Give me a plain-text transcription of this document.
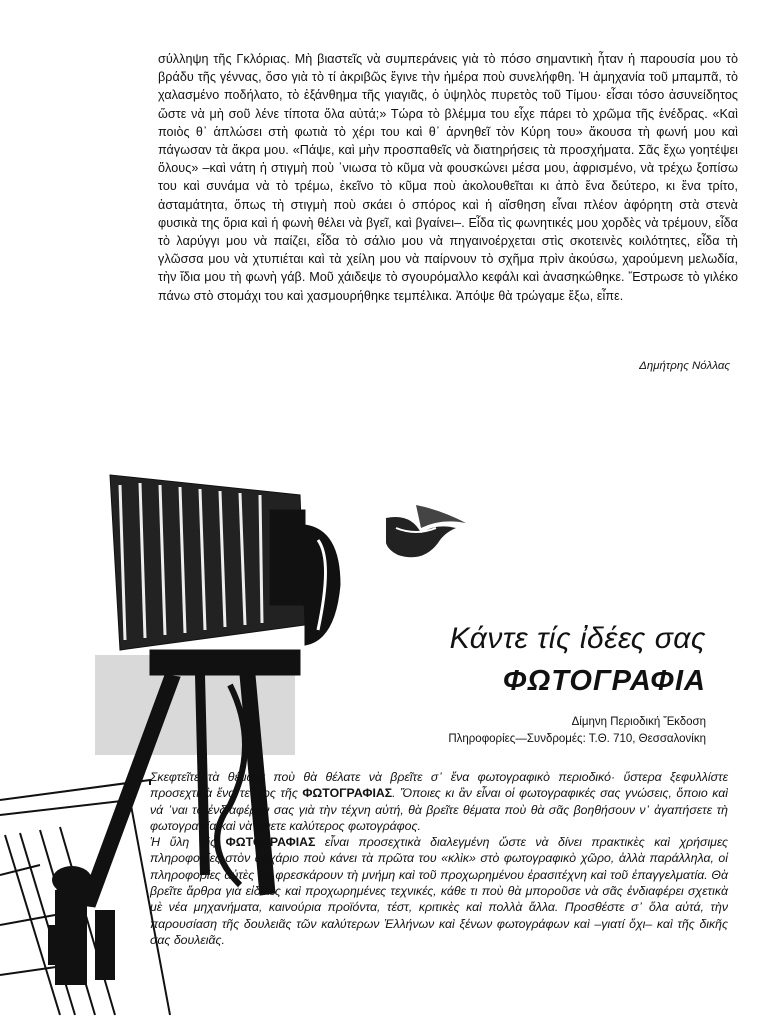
σύλληψη τῆς Γκλόριας. Μὴ βιαστεῖς νὰ συμπεράνεις γιὰ τὸ πόσο σημαντικὴ ἦταν ἡ παρουσία μου τὸ βράδυ τῆς γέννας, ὅσο γιὰ τὸ τί ἀκριβῶς ἔγινε τὴν ἡμέρα ποὺ συνελήφθη. Ἡ ἀμηχανία τοῦ μπαμπᾶ, τὸ χαλασμένο ποδήλατο, τὸ ἐξάνθημα τῆς γιαγιᾶς, ὁ ὑψηλὸς πυρετὸς τοῦ Τίμου· εἶσαι τόσο ἀσυνείδητος ὥστε νὰ μὴ σοῦ λένε τίποτα ὅλα αὐτά;» Τώρα τὸ βλέμμα του εἶχε πάρει τὸ χρῶμα τῆς ἐνέδρας. «Καὶ ποιὸς θ᾿ ἁπλώσει στὴ φωτιὰ τὸ χέρι του καὶ θ᾿ ἀρνηθεῖ τὸν Κύρη του» ἄκουσα τὴ φωνή μου καὶ πάγωσαν τὰ ἄκρα μου. «Πάψε, καὶ μὴν προσπαθεῖς νὰ διατηρήσεις τὰ προσχήματα. Σᾶς ἔχω γοητέψει ὅλους» –καὶ νάτη ἡ στιγμὴ ποὺ ᾿νιωσα τὸ κῦμα νὰ φουσκώνει μέσα μου, ἀφρισμένο, νὰ τρέχω ξοπίσω του καὶ συνάμα νὰ τὸ τρέμω, ἐκεῖνο τὸ κῦμα ποὺ ἀκολουθεῖται κι ἀπὸ ἕνα δεύτερο, κι ἕνα τρίτο, ἀσταμάτητα, ὅπως τὴ στιγμὴ ποὺ σκάει ὁ σπόρος καὶ ἡ αἴσθηση εἶναι πλέον ἀφόρητη στὰ στενὰ φυσικὰ της ὅρια καὶ ἡ φωνὴ θέλει νὰ βγεῖ, καὶ βγαίνει–. Εἶδα τὶς φωνητικές μου χορδὲς νὰ τρέμουν, εἶδα τὸ λαρύγγι μου νὰ παίζει, εἶδα τὸ σάλιο μου νὰ πηγαινοέρχεται στὶς σκοτεινὲς κοιλότητες, εἶδα τὴ γλῶσσα μου νὰ χτυπιέται καὶ τὰ χείλη μου νὰ παίρνουν τὸ σχῆμα πρὶν ἀκούσω, χαρούμενη μελωδία, τὴν ἴδια μου τὴ φωνὴ γάβ. Μοῦ χάιδεψε τὸ σγουρόμαλλο κεφάλι καὶ ἀνασηκώθηκε. Ἔστρωσε τὸ γιλέκο πάνω στὸ στομάχι του καὶ χασμουρήθηκε τεμπέλικα. Ἀπόψε θὰ τρώγαμε ἔξω, εἶπε.
Δημήτρης Νόλλας
Κάντε τίς ἰδέες σας
ΦΩΤΟΓΡΑΦΙΑ
Δίμηνη Περιοδική Ἔκδοση
Πληροφορίες—Συνδρομές: Τ.Θ. 710, Θεσσαλονίκη

Σκεφτεῖτε τὰ θέματα ποὺ θὰ θέλατε νὰ βρεῖτε σ᾿ ἕνα φωτογραφικὸ περιοδικό· ὕστερα ξεφυλλίστε προσεχτικὰ ἕνα τεῦχος τῆς ΦΩΤΟΓΡΑΦΙΑΣ. Ὅποιες κι ἂν εἶναι οἱ φωτογραφικές σας γνώσεις, ὅποιο καὶ νά ᾿ναι τὸ ἐνδιαφέρον σας γιὰ τὴν τέχνη αὐτή, θὰ βρεῖτε θέματα ποὺ θὰ σᾶς βοηθήσουν ν᾿ ἀγαπήσετε τὴ φωτογραφία καὶ νὰ γίνετε καλύτερος φωτογράφος.

Ἡ ὕλη τῆς ΦΩΤΟΓΡΑΦΙΑΣ εἶναι προσεχτικὰ διαλεγμένη ὥστε νὰ δίνει πρακτικὲς καὶ χρήσιμες πληροφορίες στὸν ἀρχάριο ποὺ κάνει τὰ πρῶτα του «κλὶκ» στὸ φωτογραφικὸ χῶρο, ἀλλὰ παράλληλα, οἱ πληροφορίες αὐτὲς θὰ φρεσκάρουν τὴ μνήμη καὶ τοῦ προχωρημένου ἐρασιτέχνη καὶ τοῦ ἐπαγγελματία. Θὰ βρεῖτε ἄρθρα γιὰ εἰδικὲς καὶ προχωρημένες τεχνικές, κάθε τι ποὺ θὰ μποροῦσε νὰ σᾶς ἐνδιαφέρει σχετικὰ μὲ νέα μηχανήματα, καινούρια προϊόντα, τέστ, κριτικὲς καὶ πολλὰ ἄλλα. Προσθέστε σ᾿ ὅλα αὐτά, τὴν παρουσίαση τῆς δουλειᾶς τῶν καλύτερων Ἑλλήνων καὶ ξένων φωτογράφων καὶ –γιατί ὄχι– καὶ τῆς δικῆς σας δουλειᾶς.
